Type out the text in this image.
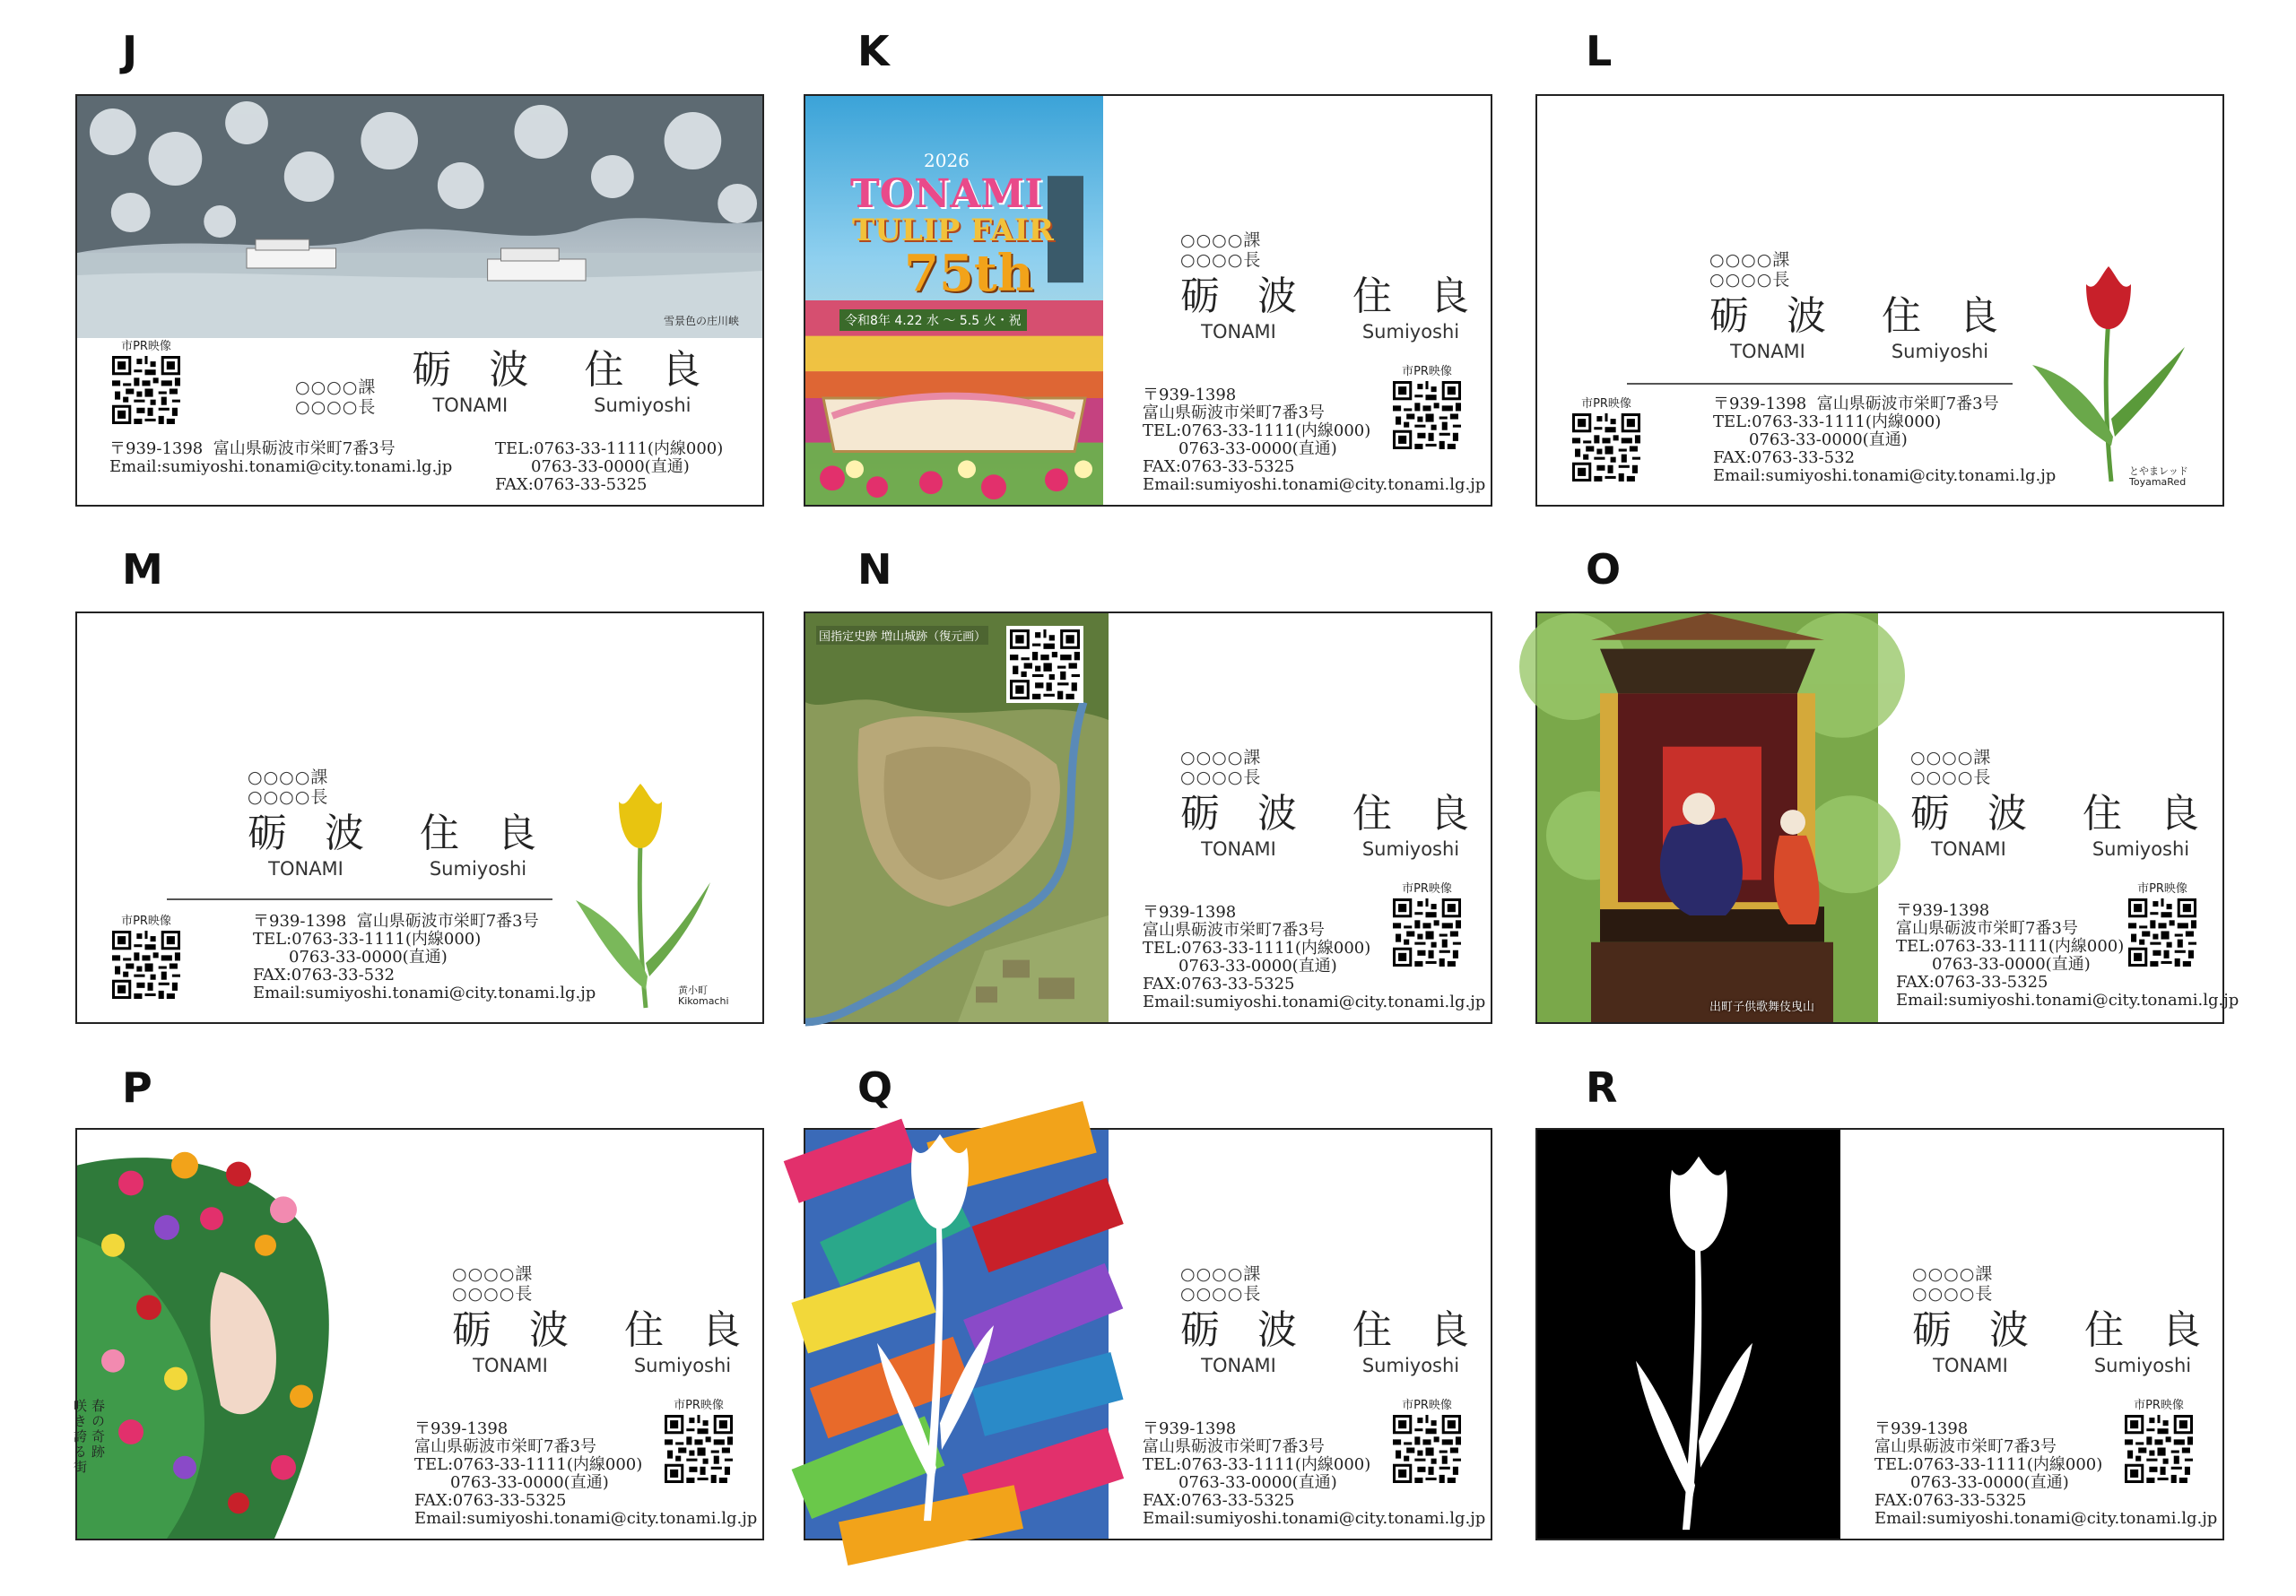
J	K	L
M	N	O
P	Q	R
雪景色の庄川峡
市PR映像
○○○○課
○○○○長
砺 波
TONAMI
住 良
Sumiyoshi
〒939-1398 富山県砺波市栄町7番3号
Email:sumiyoshi.tonami@city.tonami.lg.jp
TEL:0763-33-1111(内線000)
0763-33-0000(直通)
FAX:0763-33-5325
2026
TONAMI
TULIP FAIR
75th
令和8年 4.22 水 ～ 5.5 火・祝
○○○○課
○○○○長
砺 波
TONAMI
住 良
Sumiyoshi
市PR映像
〒939-1398
富山県砺波市栄町7番3号
TEL:0763-33-1111(内線000)
0763-33-0000(直通)
FAX:0763-33-5325
Email:sumiyoshi.tonami@city.tonami.lg.jp
○○○○課
○○○○長
砺 波
TONAMI
住 良
Sumiyoshi
市PR映像	〒939-1398 富山県砺波市栄町7番3号
TEL:0763-33-1111(内線000)
0763-33-0000(直通)
FAX:0763-33-532
Email:sumiyoshi.tonami@city.tonami.lg.jp	とやまレッド
ToyamaRed
○○○○課
○○○○長
砺 波
TONAMI
住 良
Sumiyoshi
市PR映像	〒939-1398 富山県砺波市栄町7番3号
TEL:0763-33-1111(内線000)
0763-33-0000(直通)
FAX:0763-33-532
Email:sumiyoshi.tonami@city.tonami.lg.jp	黄小町
Kikomachi
国指定史跡 増山城跡（復元画）
○○○○課
○○○○長
砺 波
TONAMI
住 良
Sumiyoshi
市PR映像
〒939-1398
富山県砺波市栄町7番3号
TEL:0763-33-1111(内線000)
0763-33-0000(直通)
FAX:0763-33-5325
Email:sumiyoshi.tonami@city.tonami.lg.jp	出町子供歌舞伎曳山
○○○○課
○○○○長
砺 波
TONAMI
住 良
Sumiyoshi
市PR映像
〒939-1398
富山県砺波市栄町7番3号
TEL:0763-33-1111(内線000)
0763-33-0000(直通)
FAX:0763-33-5325
Email:sumiyoshi.tonami@city.tonami.lg.jp
春の奇跡
咲き誇る街
○○○○課
○○○○長
砺 波
TONAMI
住 良
Sumiyoshi
市PR映像
〒939-1398
富山県砺波市栄町7番3号
TEL:0763-33-1111(内線000)
0763-33-0000(直通)
FAX:0763-33-5325
Email:sumiyoshi.tonami@city.tonami.lg.jp
○○○○課
○○○○長
砺 波
TONAMI
住 良
Sumiyoshi
市PR映像
〒939-1398
富山県砺波市栄町7番3号
TEL:0763-33-1111(内線000)
0763-33-0000(直通)
FAX:0763-33-5325
Email:sumiyoshi.tonami@city.tonami.lg.jp
○○○○課
○○○○長
砺 波
TONAMI
住 良
Sumiyoshi
市PR映像
〒939-1398
富山県砺波市栄町7番3号
TEL:0763-33-1111(内線000)
0763-33-0000(直通)
FAX:0763-33-5325
Email:sumiyoshi.tonami@city.tonami.lg.jp
